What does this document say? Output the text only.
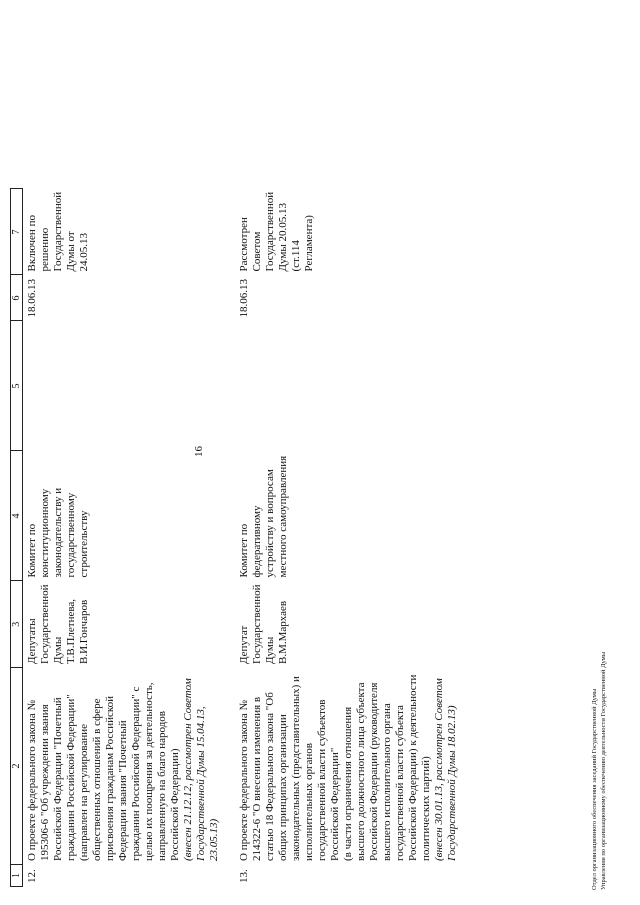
16
1	2	3	4	5	6	7
12.	О проекте федерального закона № 195306-6 "Об учреждении звания Российской Федерации "Почетный гражданин Российской Федерации" (направлен на регулирование общественных отношений в сфере присвоения гражданам Российской Федерации звания "Почетный гражданин Российской Федерации" с целью их поощрения за деятельность, направленную на благо народов Российской Федерации) (внесен 21.12.12, рассмотрен Советом Государственной Думы 15.04.13, 23.05.13)	Депутаты Государственной Думы Т.В.Плетнева, В.И.Гончаров	Комитет по конституционному законодательству и государственному строительству		18.06.13	Включен по решению Государственной Думы от 24.05.13
13.	О проекте федерального закона № 214322-6 "О внесении изменения в статью 18 Федерального закона "Об общих принципах организации законодательных (представительных) и исполнительных органов государственной власти субъектов Российской Федерации" (в части ограничения отношения высшего должностного лица субъекта Российской Федерации (руководителя высшего исполнительного органа государственной власти субъекта Российской Федерации) к деятельности политических партий) (внесен 30.01.13, рассмотрен Советом Государственной Думы 18.02.13)	Депутат Государственной Думы В.М.Мархаев	Комитет по федеративному устройству и вопросам местного самоуправления		18.06.13	Рассмотрен Советом Государственной Думы 20.05.13 (ст.114 Регламента)
Отдел организационного обеспечения заседаний Государственной Думы Управления по организационному обеспечению деятельности Государственной Думы
